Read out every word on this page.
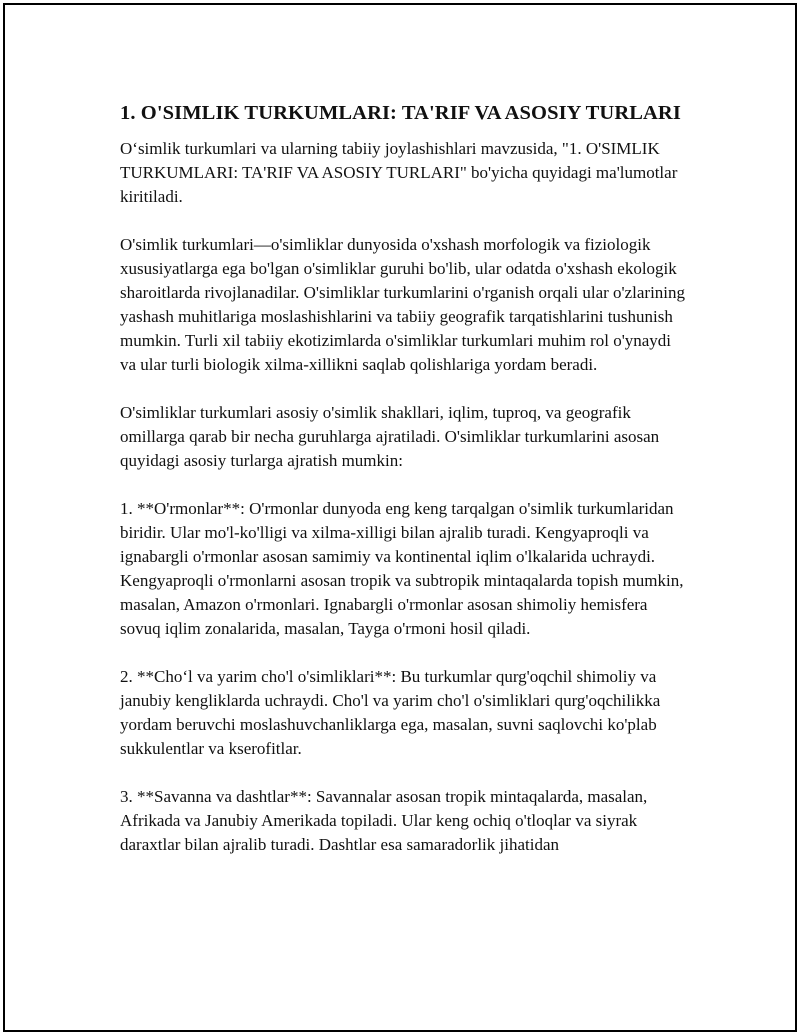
1. O'SIMLIK TURKUMLARI: TA'RIF VA ASOSIY TURLARI

O‘simlik turkumlari va ularning tabiiy joylashishlari mavzusida, "1. O'SIMLIK TURKUMLARI: TA'RIF VA ASOSIY TURLARI" bo'yicha quyidagi ma'lumotlar kiritiladi.

O'simlik turkumlari—o'simliklar dunyosida o'xshash morfologik va fiziologik xususiyatlarga ega bo'lgan o'simliklar guruhi bo'lib, ular odatda o'xshash ekologik sharoitlarda rivojlanadilar. O'simliklar turkumlarini o'rganish orqali ular o'zlarining yashash muhitlariga moslashishlarini va tabiiy geografik tarqatishlarini tushunish mumkin. Turli xil tabiiy ekotizimlarda o'simliklar turkumlari muhim rol o'ynaydi va ular turli biologik xilma-xillikni saqlab qolishlariga yordam beradi.

O'simliklar turkumlari asosiy o'simlik shakllari, iqlim, tuproq, va geografik omillarga qarab bir necha guruhlarga ajratiladi. O'simliklar turkumlarini asosan quyidagi asosiy turlarga ajratish mumkin:

1. **O'rmonlar**: O'rmonlar dunyoda eng keng tarqalgan o'simlik turkumlaridan biridir. Ular mo'l-ko'lligi va xilma-xilligi bilan ajralib turadi. Kengyaproqli va ignabargli o'rmonlar asosan samimiy va kontinental iqlim o'lkalarida uchraydi. Kengyaproqli o'rmonlarni asosan tropik va subtropik mintaqalarda topish mumkin, masalan, Amazon o'rmonlari. Ignabargli o'rmonlar asosan shimoliy hemisfera sovuq iqlim zonalarida, masalan, Tayga o'rmoni hosil qiladi.

2. **Cho‘l va yarim cho'l o'simliklari**: Bu turkumlar qurg'oqchil shimoliy va janubiy kengliklarda uchraydi. Cho'l va yarim cho'l o'simliklari qurg'oqchilikka yordam beruvchi moslashuvchanliklarga ega, masalan, suvni saqlovchi ko'plab sukkulentlar va kserofitlar.

3. **Savanna va dashtlar**: Savannalar asosan tropik mintaqalarda, masalan, Afrikada va Janubiy Amerikada topiladi. Ular keng ochiq o'tloqlar va siyrak daraxtlar bilan ajralib turadi. Dashtlar esa samaradorlik jihatidan
